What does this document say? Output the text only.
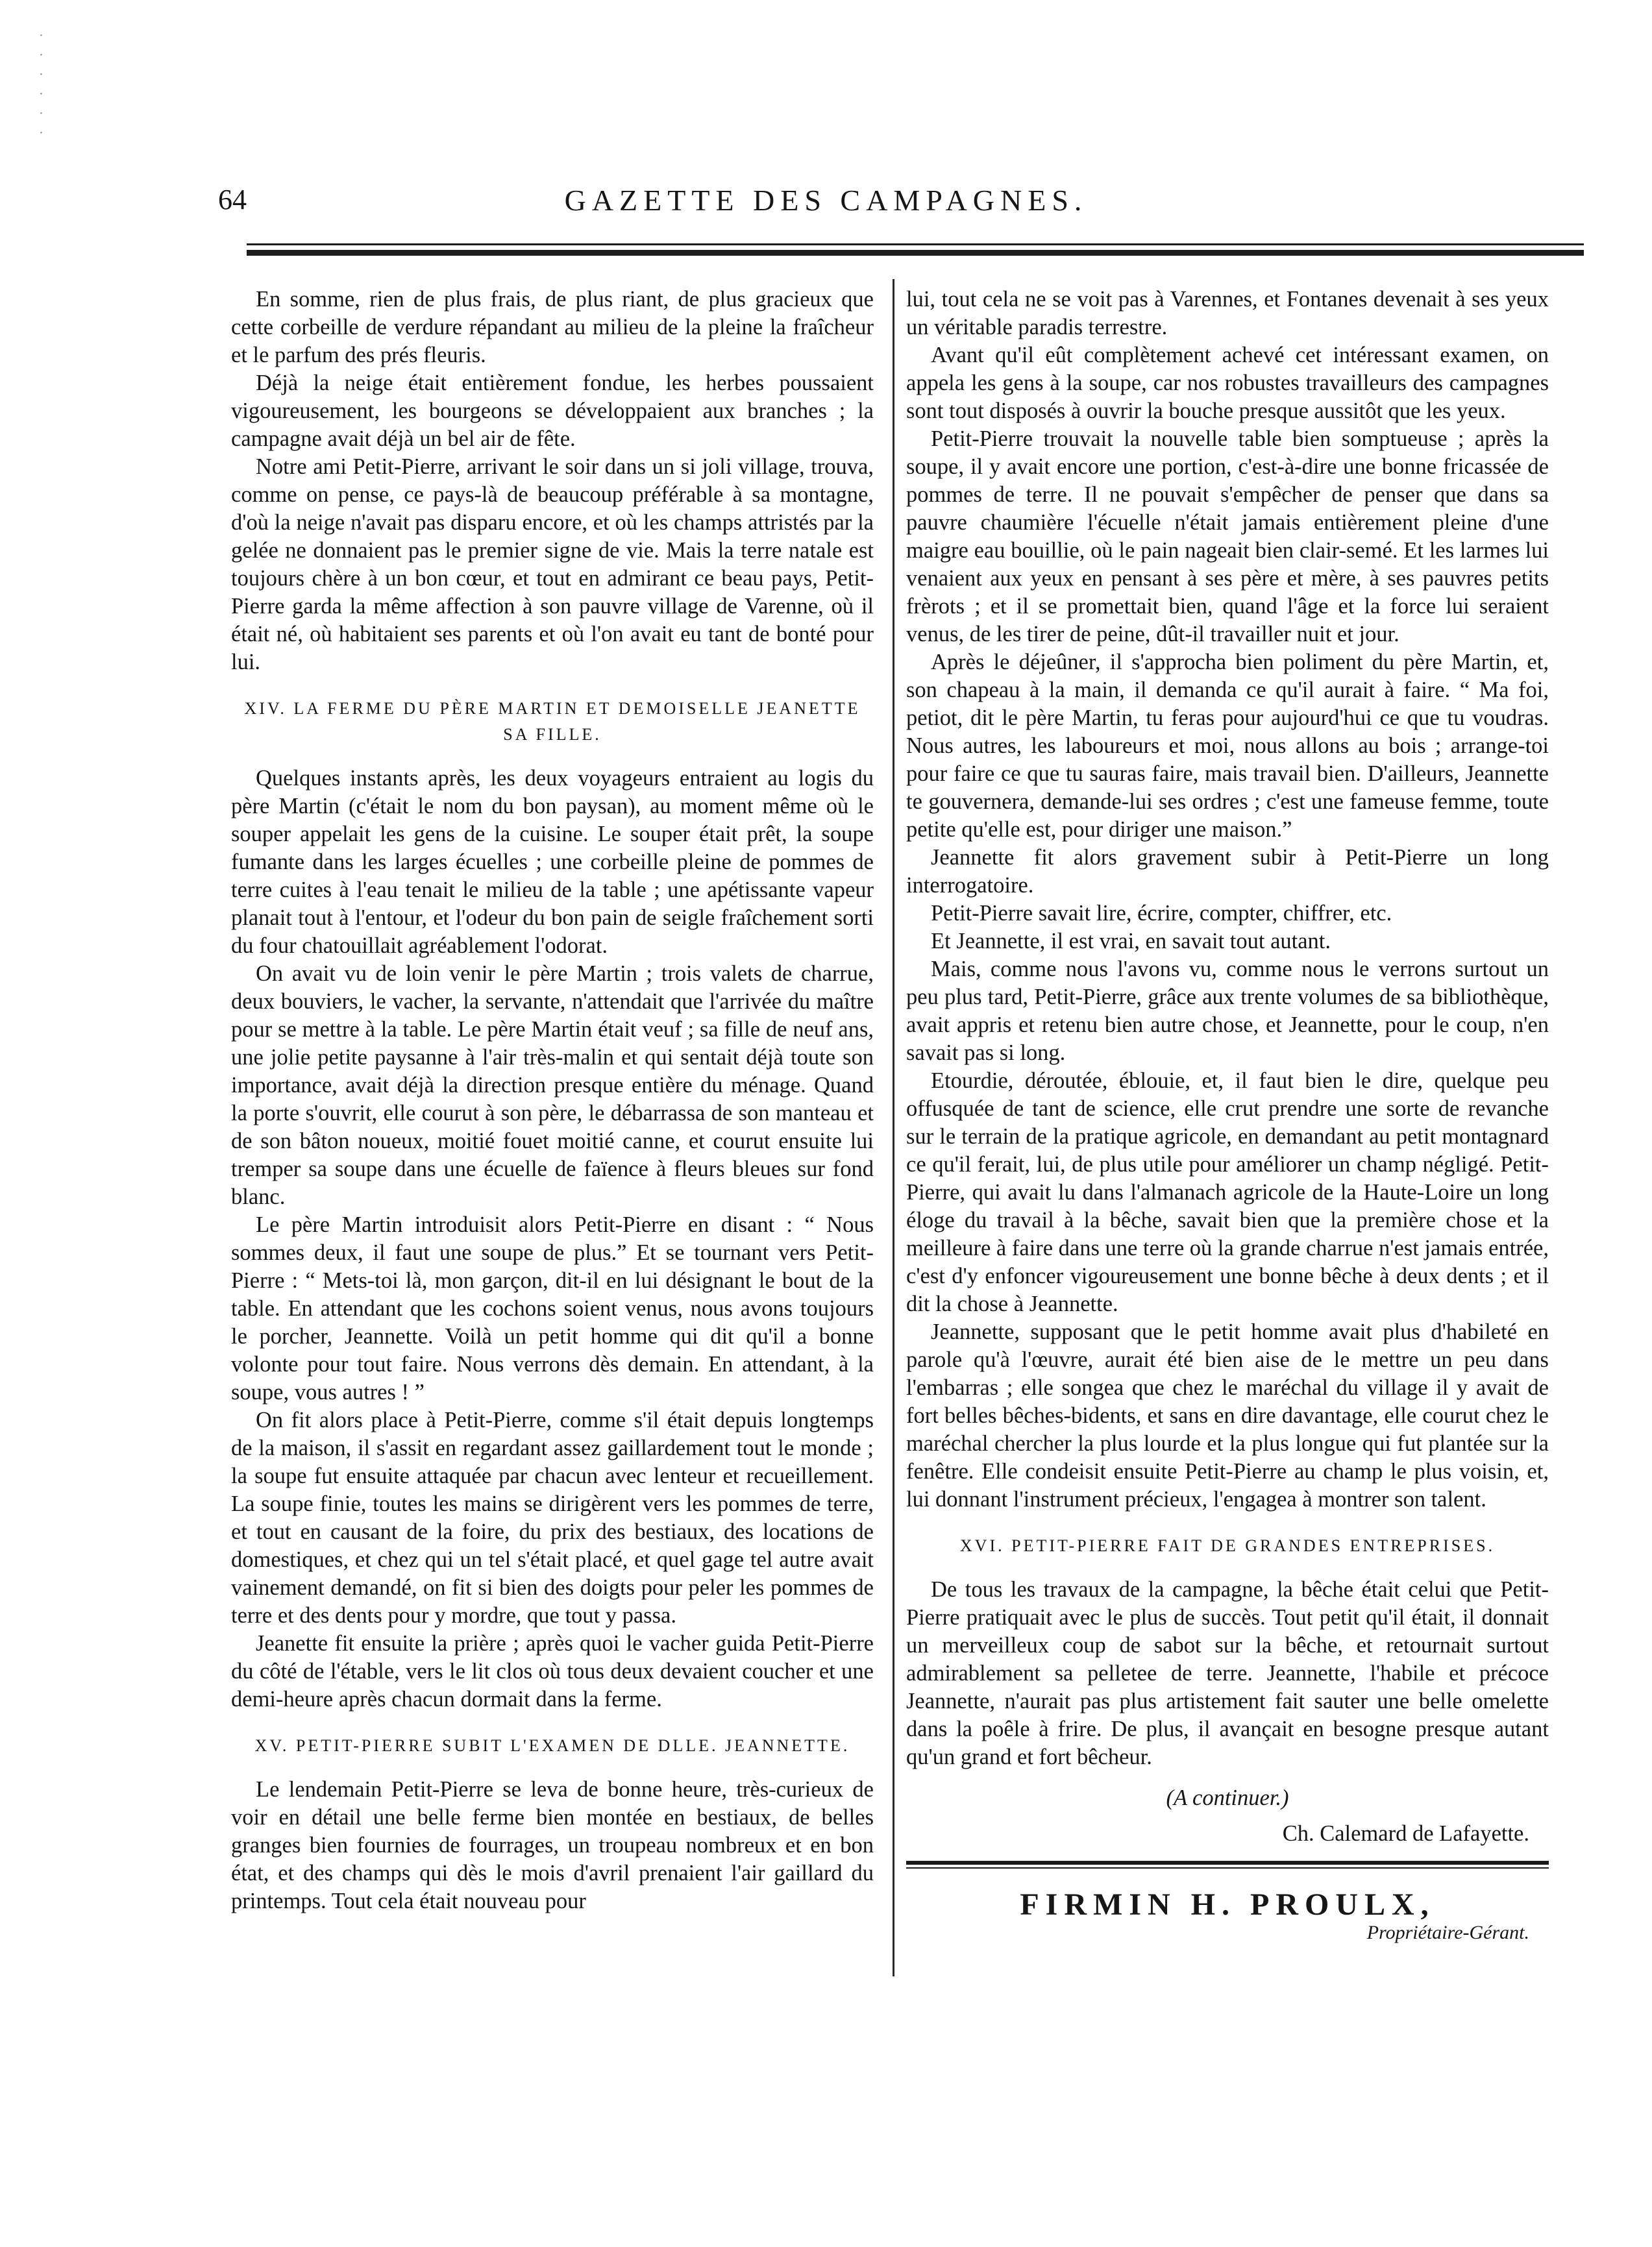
·
·
·
·
·
·
64	GAZETTE DES CAMPAGNES.

En somme, rien de plus frais, de plus riant, de plus gracieux que cette corbeille de verdure répandant au milieu de la pleine la fraîcheur et le parfum des prés fleuris.

Déjà la neige était entièrement fondue, les herbes poussaient vigoureusement, les bourgeons se développaient aux branches ; la campagne avait déjà un bel air de fête.

Notre ami Petit-Pierre, arrivant le soir dans un si joli village, trouva, comme on pense, ce pays-là de beaucoup préférable à sa montagne, d'où la neige n'avait pas disparu encore, et où les champs attristés par la gelée ne donnaient pas le premier signe de vie. Mais la terre natale est toujours chère à un bon cœur, et tout en admirant ce beau pays, Petit-Pierre garda la même affection à son pauvre village de Varenne, où il était né, où habitaient ses parents et où l'on avait eu tant de bonté pour lui.

XIV. LA FERME DU PÈRE MARTIN ET DEMOISELLE JEANETTE SA FILLE.

Quelques instants après, les deux voyageurs entraient au logis du père Martin (c'était le nom du bon paysan), au moment même où le souper appelait les gens de la cuisine. Le souper était prêt, la soupe fumante dans les larges écuelles ; une corbeille pleine de pommes de terre cuites à l'eau tenait le milieu de la table ; une apétissante vapeur planait tout à l'entour, et l'odeur du bon pain de seigle fraîchement sorti du four chatouillait agréablement l'odorat.

On avait vu de loin venir le père Martin ; trois valets de charrue, deux bouviers, le vacher, la servante, n'attendait que l'arrivée du maître pour se mettre à la table. Le père Martin était veuf ; sa fille de neuf ans, une jolie petite paysanne à l'air très-malin et qui sentait déjà toute son importance, avait déjà la direction presque entière du ménage. Quand la porte s'ouvrit, elle courut à son père, le débarrassa de son manteau et de son bâton noueux, moitié fouet moitié canne, et courut ensuite lui tremper sa soupe dans une écuelle de faïence à fleurs bleues sur fond blanc.

Le père Martin introduisit alors Petit-Pierre en disant : “ Nous sommes deux, il faut une soupe de plus.” Et se tournant vers Petit-Pierre : “ Mets-toi là, mon garçon, dit-il en lui désignant le bout de la table. En attendant que les cochons soient venus, nous avons toujours le porcher, Jeannette. Voilà un petit homme qui dit qu'il a bonne volonte pour tout faire. Nous verrons dès demain. En attendant, à la soupe, vous autres ! ”

On fit alors place à Petit-Pierre, comme s'il était depuis longtemps de la maison, il s'assit en regardant assez gaillardement tout le monde ; la soupe fut ensuite attaquée par chacun avec lenteur et recueillement. La soupe finie, toutes les mains se dirigèrent vers les pommes de terre, et tout en causant de la foire, du prix des bestiaux, des locations de domestiques, et chez qui un tel s'était placé, et quel gage tel autre avait vainement demandé, on fit si bien des doigts pour peler les pommes de terre et des dents pour y mordre, que tout y passa.

Jeanette fit ensuite la prière ; après quoi le vacher guida Petit-Pierre du côté de l'étable, vers le lit clos où tous deux devaient coucher et une demi-heure après chacun dormait dans la ferme.

XV. PETIT-PIERRE SUBIT L'EXAMEN DE DLLE. JEANNETTE.

Le lendemain Petit-Pierre se leva de bonne heure, très-curieux de voir en détail une belle ferme bien montée en bestiaux, de belles granges bien fournies de fourrages, un troupeau nombreux et en bon état, et des champs qui dès le mois d'avril prenaient l'air gaillard du printemps. Tout cela était nouveau pour

lui, tout cela ne se voit pas à Varennes, et Fontanes devenait à ses yeux un véritable paradis terrestre.

Avant qu'il eût complètement achevé cet intéressant examen, on appela les gens à la soupe, car nos robustes travailleurs des campagnes sont tout disposés à ouvrir la bouche presque aussitôt que les yeux.

Petit-Pierre trouvait la nouvelle table bien somptueuse ; après la soupe, il y avait encore une portion, c'est-à-dire une bonne fricassée de pommes de terre. Il ne pouvait s'empêcher de penser que dans sa pauvre chaumière l'écuelle n'était jamais entièrement pleine d'une maigre eau bouillie, où le pain nageait bien clair-semé. Et les larmes lui venaient aux yeux en pensant à ses père et mère, à ses pauvres petits frèrots ; et il se promettait bien, quand l'âge et la force lui seraient venus, de les tirer de peine, dût-il travailler nuit et jour.

Après le déjeûner, il s'approcha bien poliment du père Martin, et, son chapeau à la main, il demanda ce qu'il aurait à faire. “ Ma foi, petiot, dit le père Martin, tu feras pour aujourd'hui ce que tu voudras. Nous autres, les laboureurs et moi, nous allons au bois ; arrange-toi pour faire ce que tu sauras faire, mais travail bien. D'ailleurs, Jeannette te gouvernera, demande-lui ses ordres ; c'est une fameuse femme, toute petite qu'elle est, pour diriger une maison.”

Jeannette fit alors gravement subir à Petit-Pierre un long interrogatoire.

Petit-Pierre savait lire, écrire, compter, chiffrer, etc.

Et Jeannette, il est vrai, en savait tout autant.

Mais, comme nous l'avons vu, comme nous le verrons surtout un peu plus tard, Petit-Pierre, grâce aux trente volumes de sa bibliothèque, avait appris et retenu bien autre chose, et Jeannette, pour le coup, n'en savait pas si long.

Etourdie, déroutée, éblouie, et, il faut bien le dire, quelque peu offusquée de tant de science, elle crut prendre une sorte de revanche sur le terrain de la pratique agricole, en demandant au petit montagnard ce qu'il ferait, lui, de plus utile pour améliorer un champ négligé. Petit-Pierre, qui avait lu dans l'almanach agricole de la Haute-Loire un long éloge du travail à la bêche, savait bien que la première chose et la meilleure à faire dans une terre où la grande charrue n'est jamais entrée, c'est d'y enfoncer vigoureusement une bonne bêche à deux dents ; et il dit la chose à Jeannette.

Jeannette, supposant que le petit homme avait plus d'habileté en parole qu'à l'œuvre, aurait été bien aise de le mettre un peu dans l'embarras ; elle songea que chez le maréchal du village il y avait de fort belles bêches-bidents, et sans en dire davantage, elle courut chez le maréchal chercher la plus lourde et la plus longue qui fut plantée sur la fenêtre. Elle condeisit ensuite Petit-Pierre au champ le plus voisin, et, lui donnant l'instrument précieux, l'engagea à montrer son talent.

XVI. PETIT-PIERRE FAIT DE GRANDES ENTREPRISES.

De tous les travaux de la campagne, la bêche était celui que Petit-Pierre pratiquait avec le plus de succès. Tout petit qu'il était, il donnait un merveilleux coup de sabot sur la bêche, et retournait surtout admirablement sa pelletee de terre. Jeannette, l'habile et précoce Jeannette, n'aurait pas plus artistement fait sauter une belle omelette dans la poêle à frire. De plus, il avançait en besogne presque autant qu'un grand et fort bêcheur.

(A continuer.)
Ch. Calemard de Lafayette.
FIRMIN H. PROULX,
Propriétaire-Gérant.
